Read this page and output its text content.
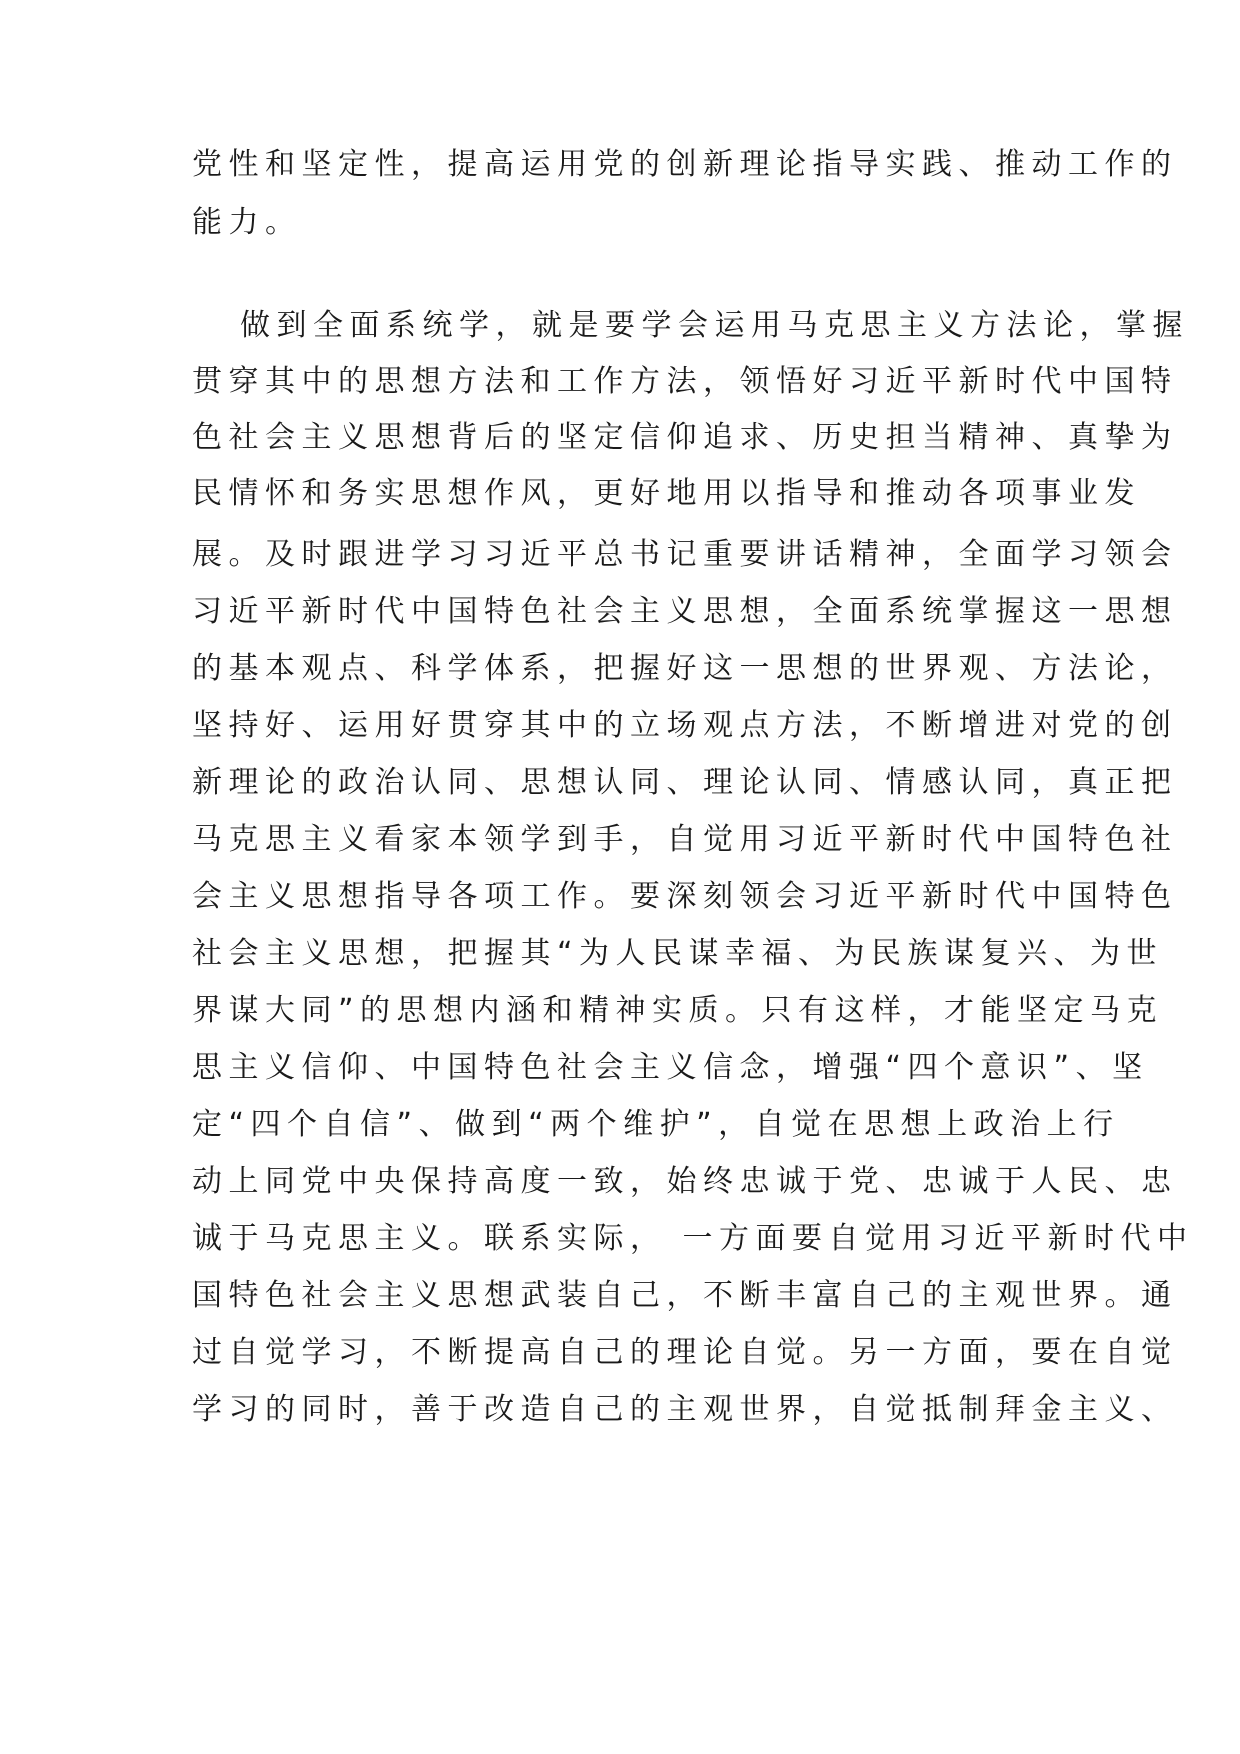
党性和坚定性，提高运用党的创新理论指导实践、推动工作的

能力。

做到全面系统学，就是要学会运用马克思主义方法论，掌握

贯穿其中的思想方法和工作方法，领悟好习近平新时代中国特

色社会主义思想背后的坚定信仰追求、历史担当精神、真挚为

民情怀和务实思想作风，更好地用以指导和推动各项事业发

展。及时跟进学习习近平总书记重要讲话精神，全面学习领会

习近平新时代中国特色社会主义思想，全面系统掌握这一思想

的基本观点、科学体系，把握好这一思想的世界观、方法论，

坚持好、运用好贯穿其中的立场观点方法，不断增进对党的创

新理论的政治认同、思想认同、理论认同、情感认同，真正把

马克思主义看家本领学到手，自觉用习近平新时代中国特色社

会主义思想指导各项工作。要深刻领会习近平新时代中国特色

社会主义思想，把握其“为人民谋幸福、为民族谋复兴、为世

界谋大同”的思想内涵和精神实质。只有这样，才能坚定马克

思主义信仰、中国特色社会主义信念，增强“四个意识”、坚

定“四个自信”、做到“两个维护”，自觉在思想上政治上行

动上同党中央保持高度一致，始终忠诚于党、忠诚于人民、忠

诚于马克思主义。联系实际， 一方面要自觉用习近平新时代中

国特色社会主义思想武装自己，不断丰富自己的主观世界。通

过自觉学习，不断提高自己的理论自觉。另一方面，要在自觉

学习的同时，善于改造自己的主观世界，自觉抵制拜金主义、
